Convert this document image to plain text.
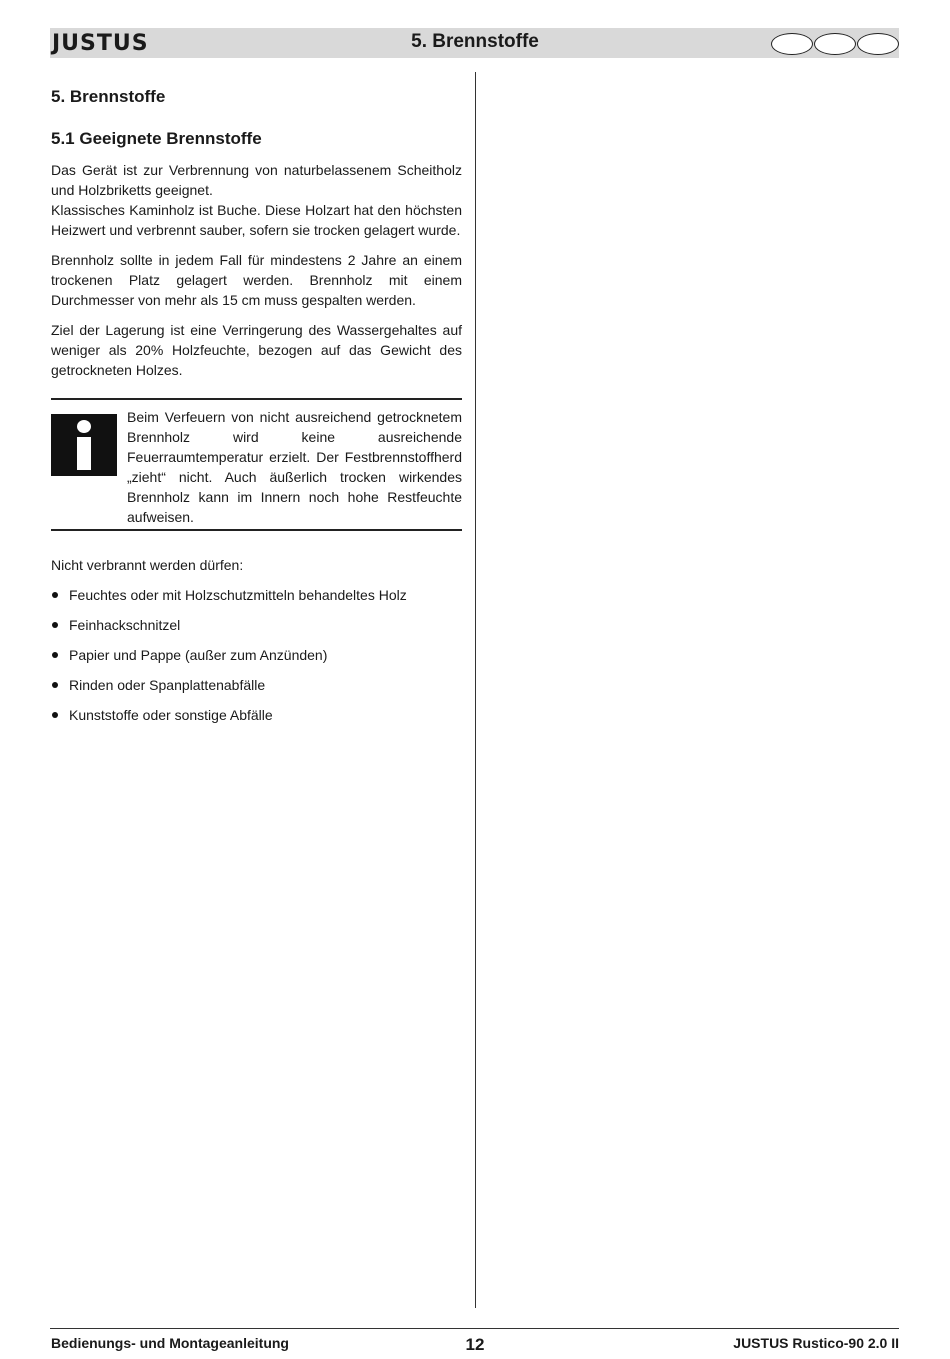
JUSTUS	5. Brennstoffe
5. Brennstoffe
5.1 Geeignete Brennstoffe

Das Gerät ist zur Verbrennung von naturbelassenem Scheitholz und Holzbriketts geeignet.

Klassisches Kaminholz ist Buche. Diese Holzart hat den höchsten Heizwert und verbrennt sauber, sofern sie trocken gelagert wurde.

Brennholz sollte in jedem Fall für mindestens 2 Jahre an einem trockenen Platz gelagert werden. Brennholz mit einem Durchmesser von mehr als 15 cm muss gespalten werden.

Ziel der Lagerung ist eine Verringerung des Wassergehaltes auf weniger als 20% Holzfeuchte, bezogen auf das Gewicht des getrockneten Holzes.

Beim Verfeuern von nicht ausreichend getrocknetem Brennholz wird keine ausreichende Feuerraumtemperatur erzielt. Der Festbrennstoffherd „zieht“ nicht. Auch äußerlich trocken wirkendes Brennholz kann im Innern noch hohe Restfeuchte aufweisen.

Nicht verbrannt werden dürfen:

Feuchtes oder mit Holzschutzmitteln behandeltes Holz
Feinhackschnitzel
Papier und Pappe (außer zum Anzünden)
Rinden oder Spanplattenabfälle
Kunststoffe oder sonstige Abfälle
Bedienungs- und Montageanleitung	12	JUSTUS Rustico-90 2.0 II
